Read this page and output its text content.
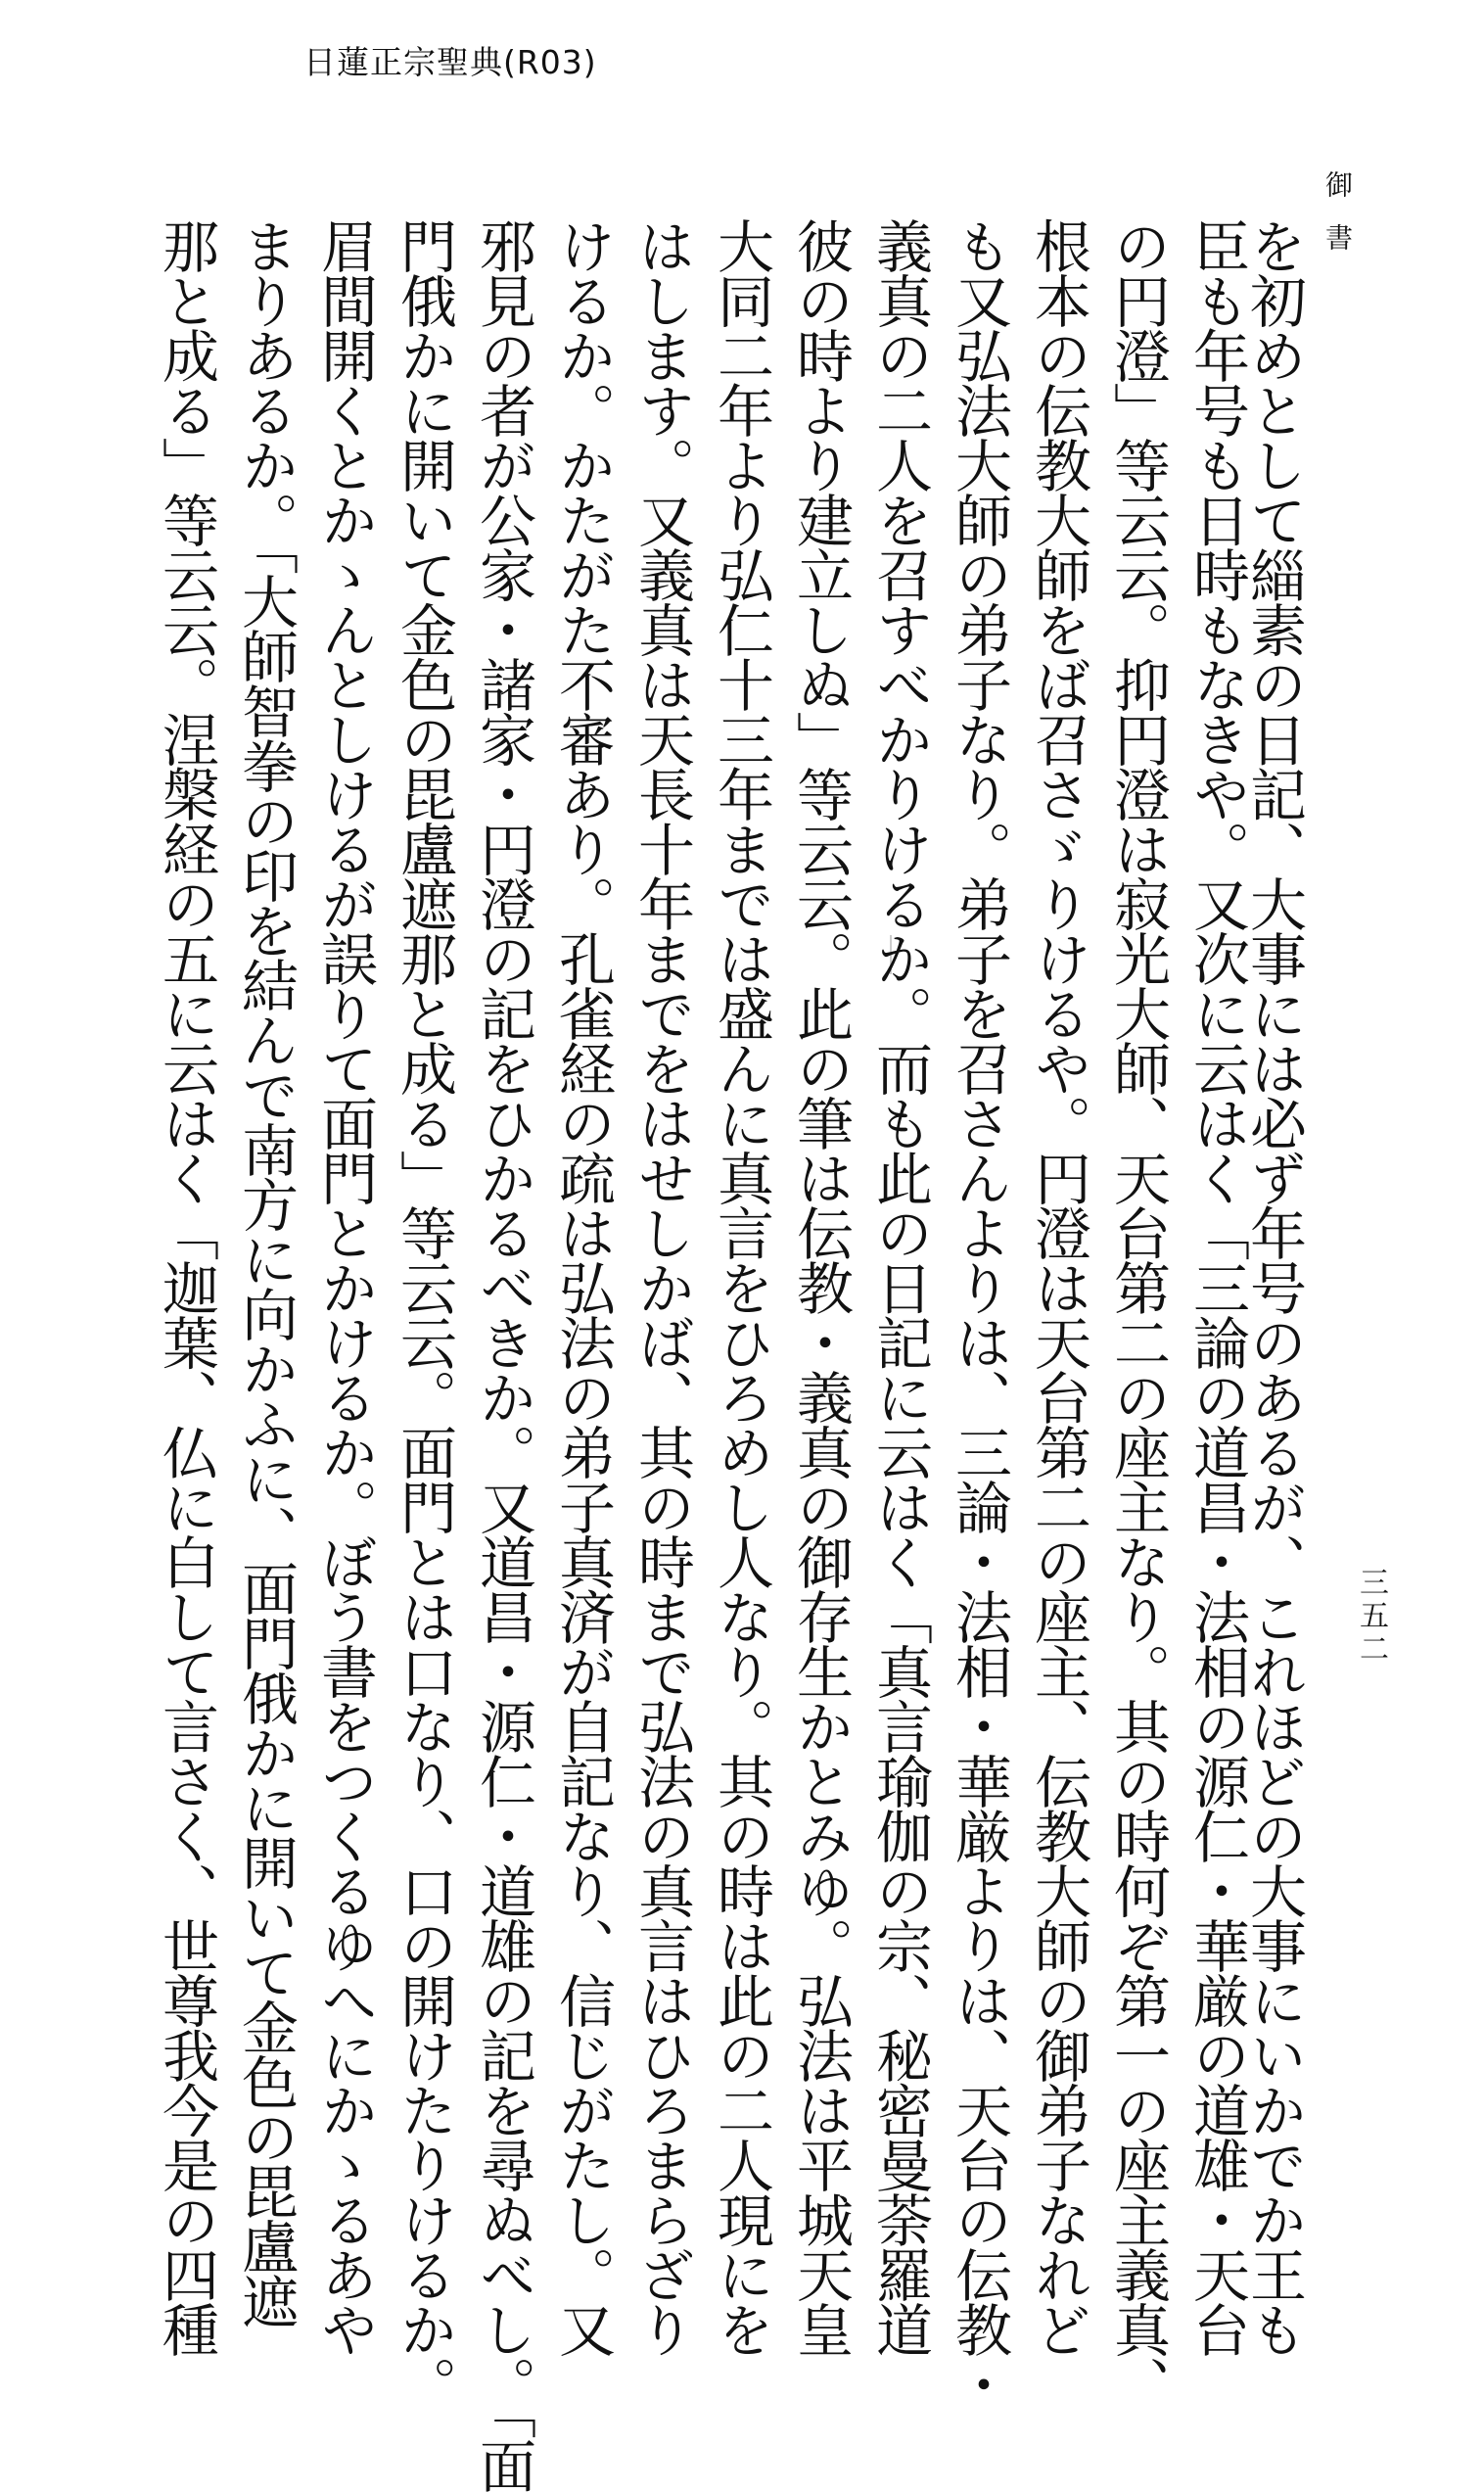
日蓮正宗聖典(R03)
御書
三五二
を初めとして緇素の日記、大事には必ず年号のあるが、これほどの大事にいかでか王も
臣も年号も日時もなきや。又次に云はく「三論の道昌・法相の源仁・華厳の道雄・天台
の円澄」等云云。抑円澄は寂光大師、天台第二の座主なり。其の時何ぞ第一の座主義真、
根本の伝教大師をば召さゞりけるや。円澄は天台第二の座主、伝教大師の御弟子なれど
も又弘法大師の弟子なり。弟子を召さんよりは、三論・法相・華厳よりは、天台の伝教・
義真の二人を召すべかりけるか。而も此の日記に云はく「真言瑜伽の宗、秘密曼荼羅道
彼の時より建立しぬ」等云云。此の筆は伝教・義真の御存生かとみゆ。弘法は平城天皇
大同二年より弘仁十三年までは盛んに真言をひろめし人なり。其の時は此の二人現にを
はします。又義真は天長十年までをはせしかば、其の時まで弘法の真言はひろまらざり
けるか。かたがた不審あり。孔雀経の疏は弘法の弟子真済が自記なり、信じがたし。又
邪見の者が公家・諸家・円澄の記をひかるべきか。又道昌・源仁・道雄の記を尋ぬべし。「面
門俄かに開いて金色の毘盧遮那と成る」等云云。面門とは口なり、口の開けたりけるか。
眉間開くとかゝんとしけるが誤りて面門とかけるか。ぼう書をつくるゆへにかゝるあや
まりあるか。「大師智拳の印を結んで南方に向かふに、面門俄かに開いて金色の毘盧遮
那と成る」等云云。涅槃経の五に云はく「迦葉、仏に白して言さく、世尊我今是の四種
